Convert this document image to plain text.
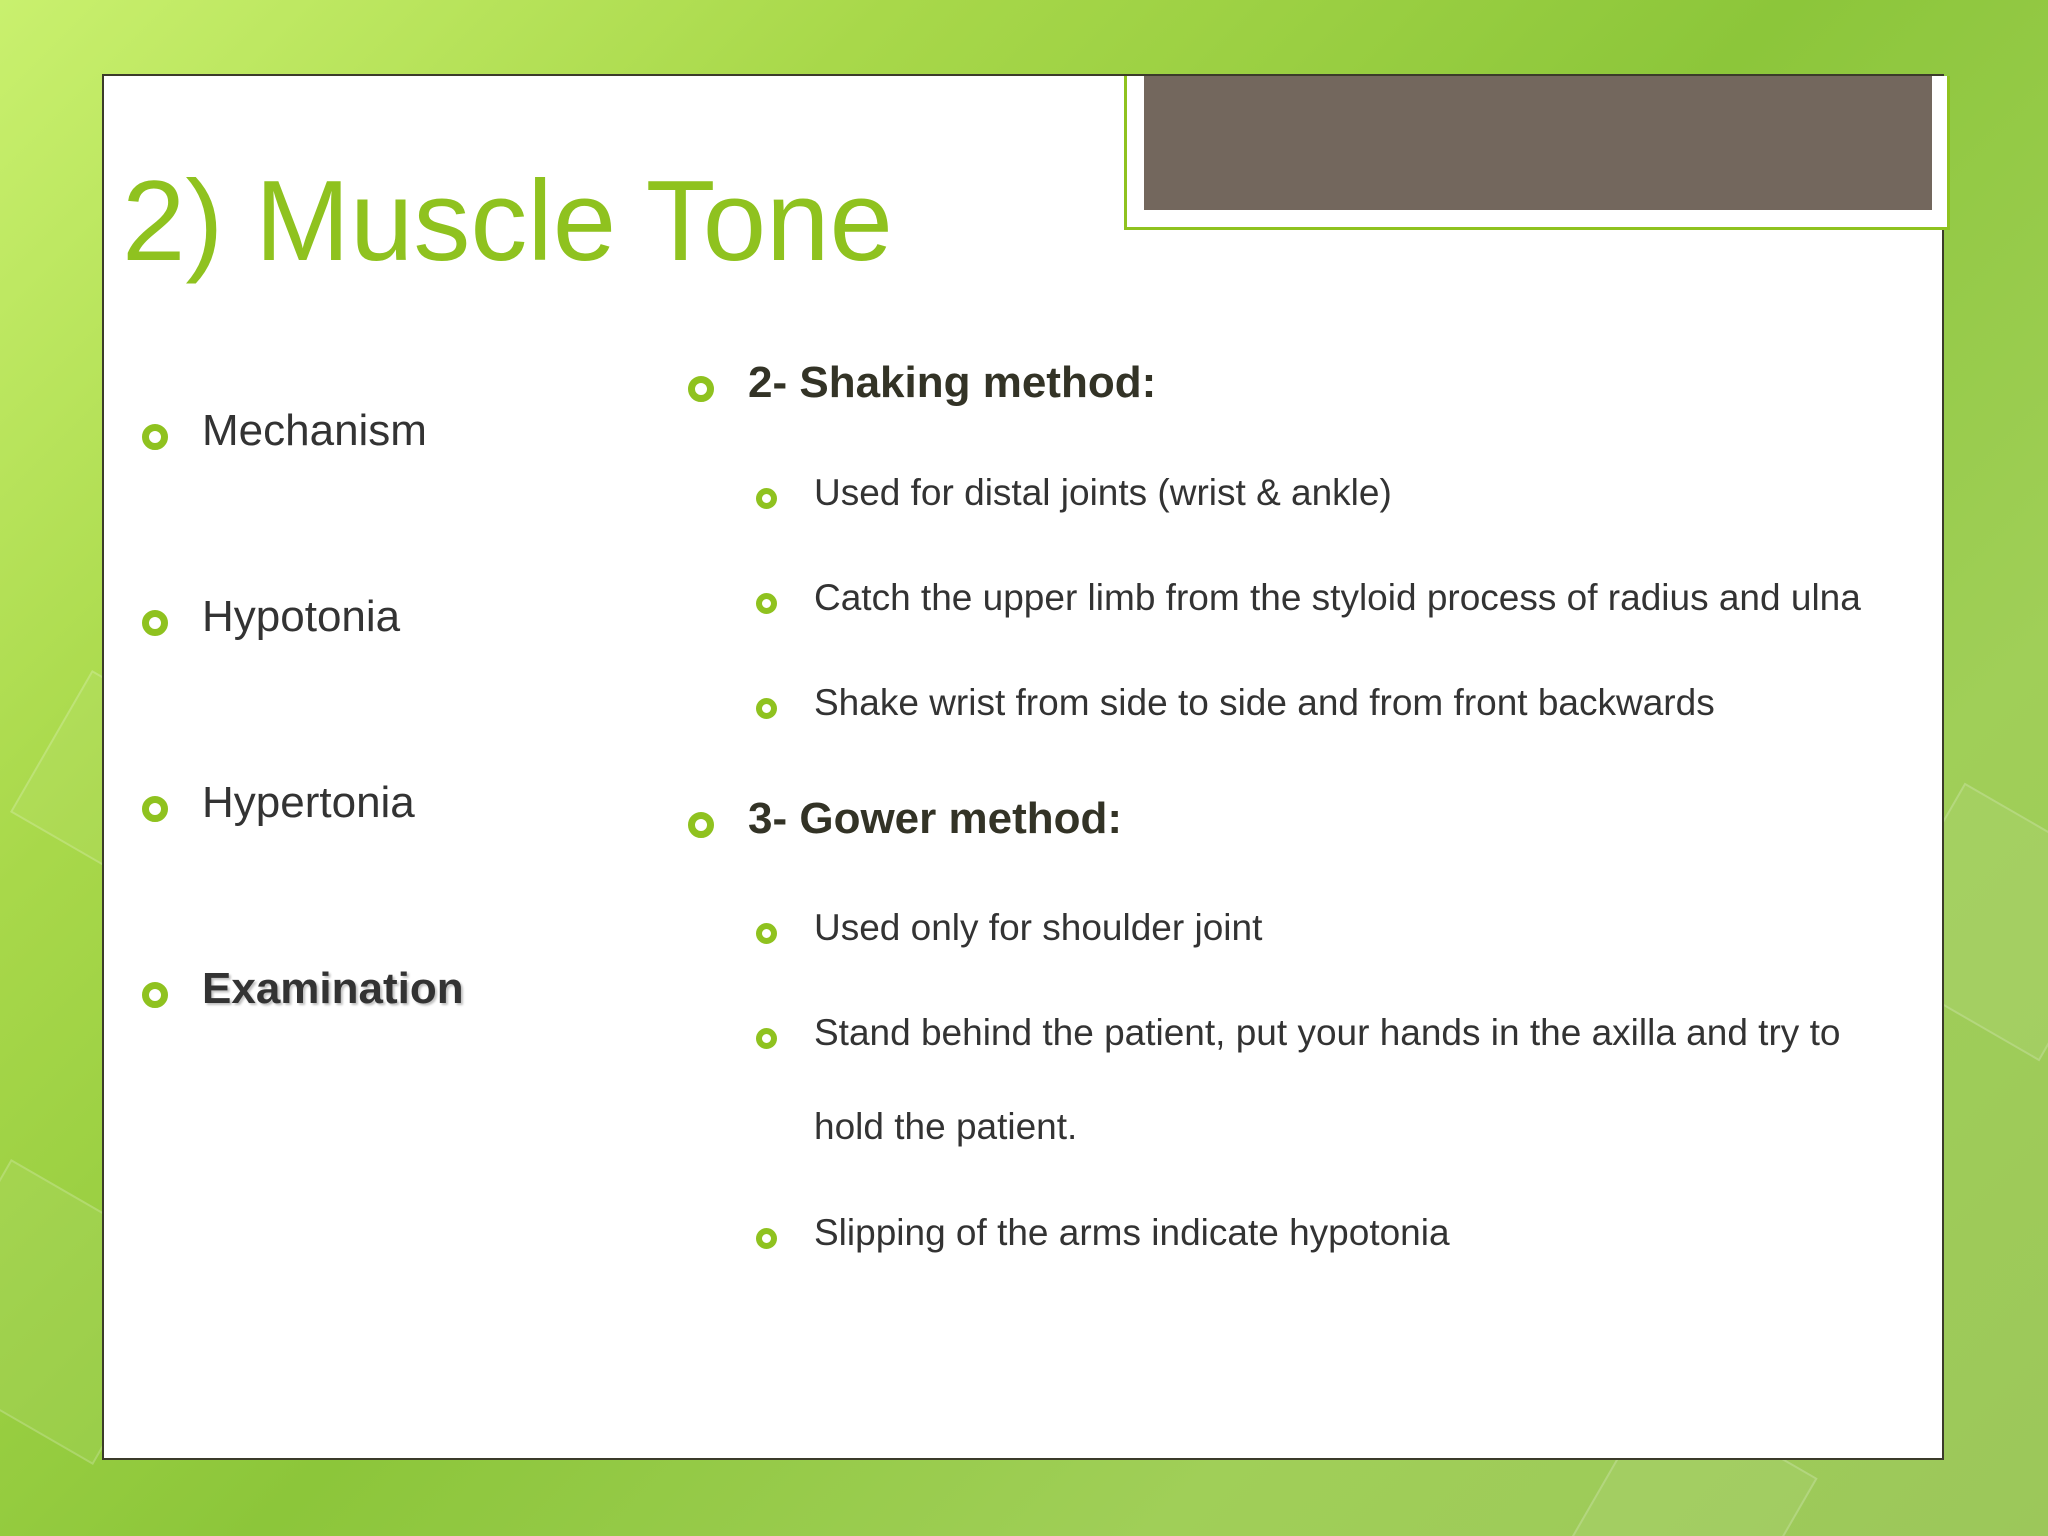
2) Muscle Tone
Mechanism
Hypotonia
Hypertonia
Examination
2- Shaking method:
Used for distal joints (wrist & ankle)
Catch the upper limb from the styloid process of radius and ulna
Shake wrist from side to side and from front backwards
3- Gower method:
Used only for shoulder joint
Stand behind the patient, put your hands in the axilla and try to
hold the patient.
Slipping of the arms indicate hypotonia
